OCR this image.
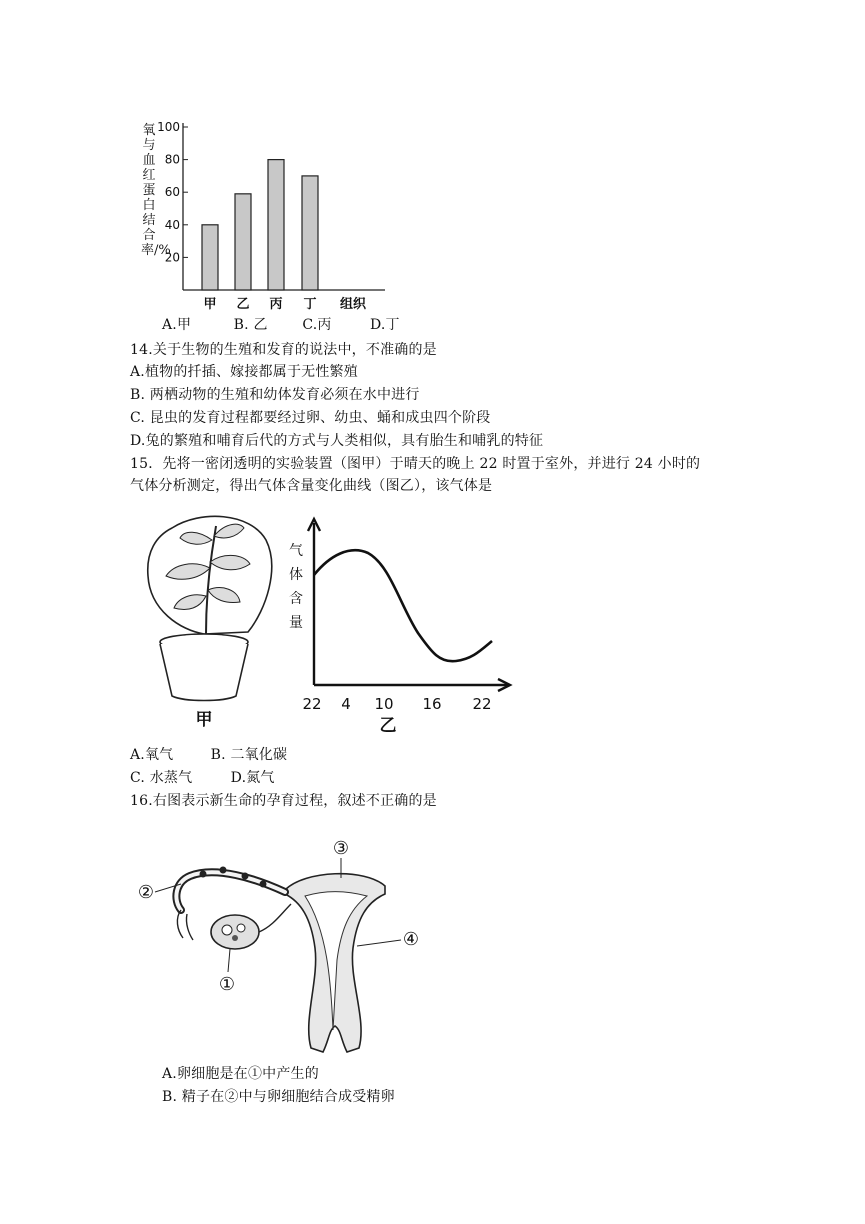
氧与血红蛋白结合率/%
20
40
60
80
100
甲 乙 丙 丁 组织
A.甲	B. 乙 C.丙	D.丁
14.关于生物的生殖和发育的说法中，不准确的是
A.植物的扦插、嫁接都属于无性繁殖
B. 两栖动物的生殖和幼体发育必须在水中进行
C. 昆虫的发育过程都要经过卵、幼虫、蛹和成虫四个阶段
D.兔的繁殖和哺育后代的方式与人类相似，具有胎生和哺乳的特征
15．先将一密闭透明的实验装置（图甲）于晴天的晚上 22 时置于室外，并进行 24 小时的
气体分析测定，得出气体含量变化曲线（图乙），该气体是
甲
气体含量
22 4 10 16 22
乙
A.氧气	B. 二氧化碳
C. 水蒸气	D.氮气
16.右图表示新生命的孕育过程，叙述不正确的是
①
②
③
④
A.卵细胞是在①中产生的
B. 精子在②中与卵细胞结合成受精卵
